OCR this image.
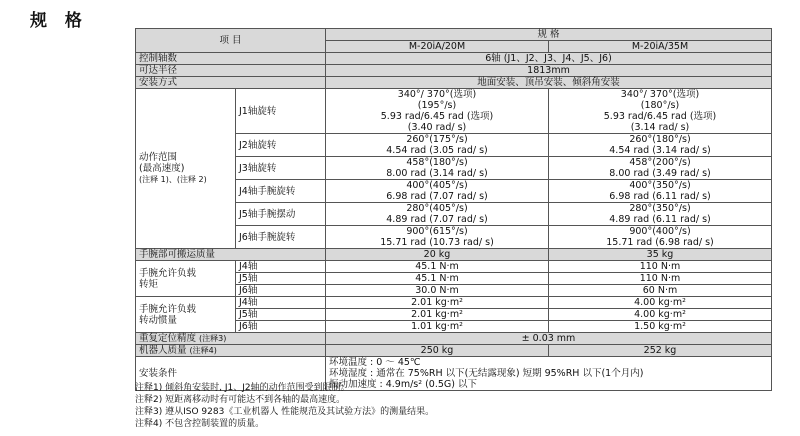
规 格
项 目		规 格	
		M-20iA/20M	M-20iA/35M
控制轴数		6轴 (J1、J2、J3、J4、J5、J6)	
可达半径		1813mm	
安装方式		地面安装、顶吊安装、倾斜角安装	

动作范围
(最高速度)
(注释 1)、(注释 2)	J1轴旋转	340°/ 370°(选项)
(195°/s)
5.93 rad/6.45 rad (选项)
(3.40 rad/ s)	340°/ 370°(选项)
(180°/s)
5.93 rad/6.45 rad (选项)
(3.14 rad/ s)

	J2轴旋转	260°(175°/s)
4.54 rad (3.05 rad/ s)	260°(180°/s)
4.54 rad (3.14 rad/ s)

	J3轴旋转	458°(180°/s)
8.00 rad (3.14 rad/ s)	458°(200°/s)
8.00 rad (3.49 rad/ s)

	J4轴手腕旋转	400°(405°/s)
6.98 rad (7.07 rad/ s)	400°(350°/s)
6.98 rad (6.11 rad/ s)

	J5轴手腕摆动	280°(405°/s)
4.89 rad (7.07 rad/ s)	280°(350°/s)
4.89 rad (6.11 rad/ s)

	J6轴手腕旋转	900°(615°/s)
15.71 rad (10.73 rad/ s)	900°(400°/s)
15.71 rad (6.98 rad/ s)

手腕部可搬运质量		20 kg	35 kg

手腕允许负载
转矩	J4轴	45.1 N·m	110 N·m
	J5轴	45.1 N·m	110 N·m
	J6轴	30.0 N·m	60 N·m

手腕允许负载
转动惯量	J4轴	2.01 kg·m²	4.00 kg·m²
	J5轴	2.01 kg·m²	4.00 kg·m²
	J6轴	1.01 kg·m²	1.50 kg·m²
重复定位精度 (注释3)		± 0.03 mm	
机器人质量 (注释4)		250 kg	252 kg
安装条件		环境温度 : 0 ～ 45℃
环境湿度 : 通常在 75%RH 以下(无结露现象) 短期 95%RH 以下(1个月内)
振动加速度 : 4.9m/s² (0.5G) 以下	
注释1) 倾斜角安装时, J1、J2轴的动作范围受到限制。
注释2) 短距离移动时有可能达不到各轴的最高速度。
注释3) 遵从ISO 9283《工业机器人 性能规范及其试验方法》的测量结果。
注释4) 不包含控制装置的质量。
